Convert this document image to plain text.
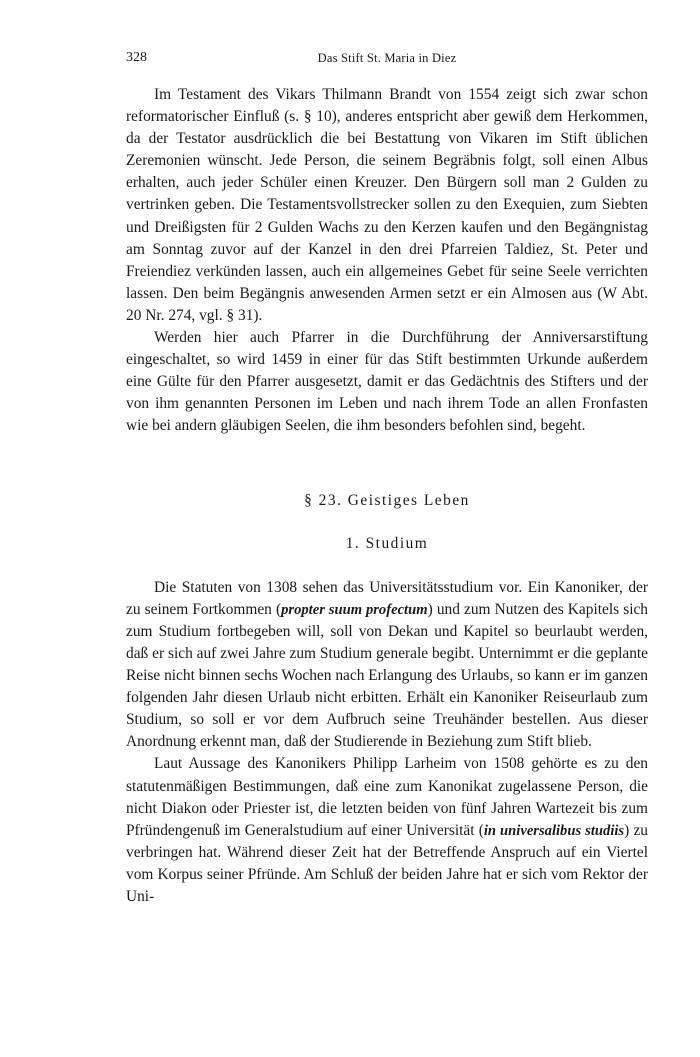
328	Das Stift St. Maria in Diez

Im Testament des Vikars Thilmann Brandt von 1554 zeigt sich zwar schon reformatorischer Einfluß (s. § 10), anderes entspricht aber gewiß dem Herkommen, da der Testator ausdrücklich die bei Bestattung von Vikaren im Stift üblichen Zeremonien wünscht. Jede Person, die seinem Begräbnis folgt, soll einen Albus erhalten, auch jeder Schüler einen Kreuzer. Den Bürgern soll man 2 Gulden zu vertrinken geben. Die Testamentsvollstrecker sollen zu den Exequien, zum Siebten und Dreißigsten für 2 Gulden Wachs zu den Kerzen kaufen und den Begängnistag am Sonntag zuvor auf der Kanzel in den drei Pfarreien Taldiez, St. Peter und Freiendiez verkünden lassen, auch ein allgemeines Gebet für seine Seele verrichten lassen. Den beim Begängnis anwesenden Armen setzt er ein Almosen aus (W Abt. 20 Nr. 274, vgl. § 31).

Werden hier auch Pfarrer in die Durchführung der Anniversarstiftung eingeschaltet, so wird 1459 in einer für das Stift bestimmten Urkunde außerdem eine Gülte für den Pfarrer ausgesetzt, damit er das Gedächtnis des Stifters und der von ihm genannten Personen im Leben und nach ihrem Tode an allen Fronfasten wie bei andern gläubigen Seelen, die ihm besonders befohlen sind, begeht.

§ 23. Geistiges Leben
1. Studium

Die Statuten von 1308 sehen das Universitätsstudium vor. Ein Kanoniker, der zu seinem Fortkommen (propter suum profectum) und zum Nutzen des Kapitels sich zum Studium fortbegeben will, soll von Dekan und Kapitel so beurlaubt werden, daß er sich auf zwei Jahre zum Studium generale begibt. Unternimmt er die geplante Reise nicht binnen sechs Wochen nach Erlangung des Urlaubs, so kann er im ganzen folgenden Jahr diesen Urlaub nicht erbitten. Erhält ein Kanoniker Reiseurlaub zum Studium, so soll er vor dem Aufbruch seine Treuhänder bestellen. Aus dieser Anordnung erkennt man, daß der Studierende in Beziehung zum Stift blieb.

Laut Aussage des Kanonikers Philipp Larheim von 1508 gehörte es zu den statutenmäßigen Bestimmungen, daß eine zum Kanonikat zugelassene Person, die nicht Diakon oder Priester ist, die letzten beiden von fünf Jahren Wartezeit bis zum Pfründengenuß im Generalstudium auf einer Universität (in universalibus studiis) zu verbringen hat. Während dieser Zeit hat der Betreffende Anspruch auf ein Viertel vom Korpus seiner Pfründe. Am Schluß der beiden Jahre hat er sich vom Rektor der Uni-
